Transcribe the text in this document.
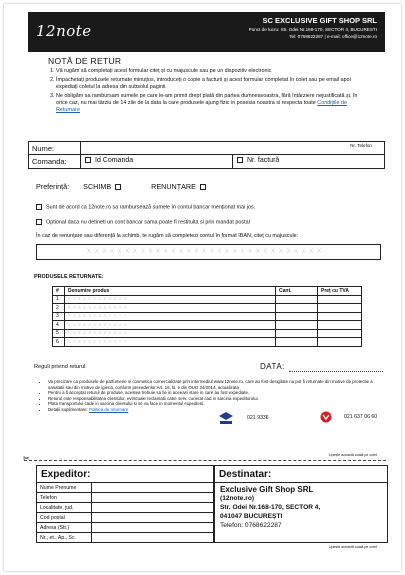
12note
SC EXCLUSIVE GIFT SHOP SRL
Punct de lucru: Str. Odei Nr.168-170, SECTOR 4, BUCURESTI
Tel: 0768622287 | e-mail: office@12note.ro
NOTĂ DE RETUR
1. Vă rugăm să completați acest formular citeț și cu majuscule sau pe un dispozitiv electronic
2. Împachetați produsele returnate minuțios, introduceți o copie a facturii și acest formular completat în colet sau pe email apoi expediați coletul la adresa din subsolul paginii.
3. Ne obligăm sa rambursam sumele pe care le-am primit drept plată din partea dumneavoastra, fără întârziere nejustificată și, în orice caz, nu mai târziu de 14 zile de la data la care produsele ajung fizic in posesia noastra si respecta toate Condițiile de Returnare
Nume:	Nr. Telefon
Comanda:	Id Comanda	Nr. factură
Preferință: SCHIMB	RENUNȚARE
Sunt de acord ca 12note.ro sa rambursează sumele în contul bancar menționat mai jos.
Optional daca nu detineti un cont bancar sama poate fi restituita si prin mandat postal
În caz de renunțare sau diferență la schimb, te rugăm să completezi contul în format IBAN, citeț cu majuscule:
X X X X X X X X X X X X X X X X X X X X X X X X X X X X X X X
PRODUSELE RETURNATE:
#	Denumire produs	Cant.	Preț cu TVA
1	x x x x x x x x x x x x		
2	x x x x x x x x x x x x		
3	x x x x x x x x x x x x		
4	x x x x x x x x x x x x		
5	x x x x x x x x x x x x		
6	x x x x x x x x x x x x		
Reguli privind returul:	DATA:
• Va precizam ca produsele de parfumerie si cosmetica comercializate prin intermediul www.12note.ro, care au fost desigilate nu pot fi returnate din motive de protectie a sanatatii sau din motive de igiena, conform prevederilor Art. 16, lit. e din OUG 34/2014, actualizata
• Pentru a fi acceptat returul de produse, acestea trebuie sa fie in aceeasi stare in care au fost expediate.
• Returul este responsabilitatea clientului, eventuale reclamatii catre serv. curierat cad in sarcina expeditorului.
• Plata transportului cade in sarcina clientului si se va face in momentul expedierii.
• Detalii suplimentare: Politica de returnare
021 9336	021 637 06 60
✂	Lipește această coală pe colet
Expeditor:
Nume Prenume
Telefon
Localitate, jud.
Cod postal
Adresa (Str.)
Nr., et., Ap., Sc.
Destinatar:
Exclusive Gift Shop SRL
(12note.ro)
Str. Odei Nr.168-170, SECTOR 4,
041047 BUCUREȘTI
Telefon: 0768622287
Lipește această coală pe colet
